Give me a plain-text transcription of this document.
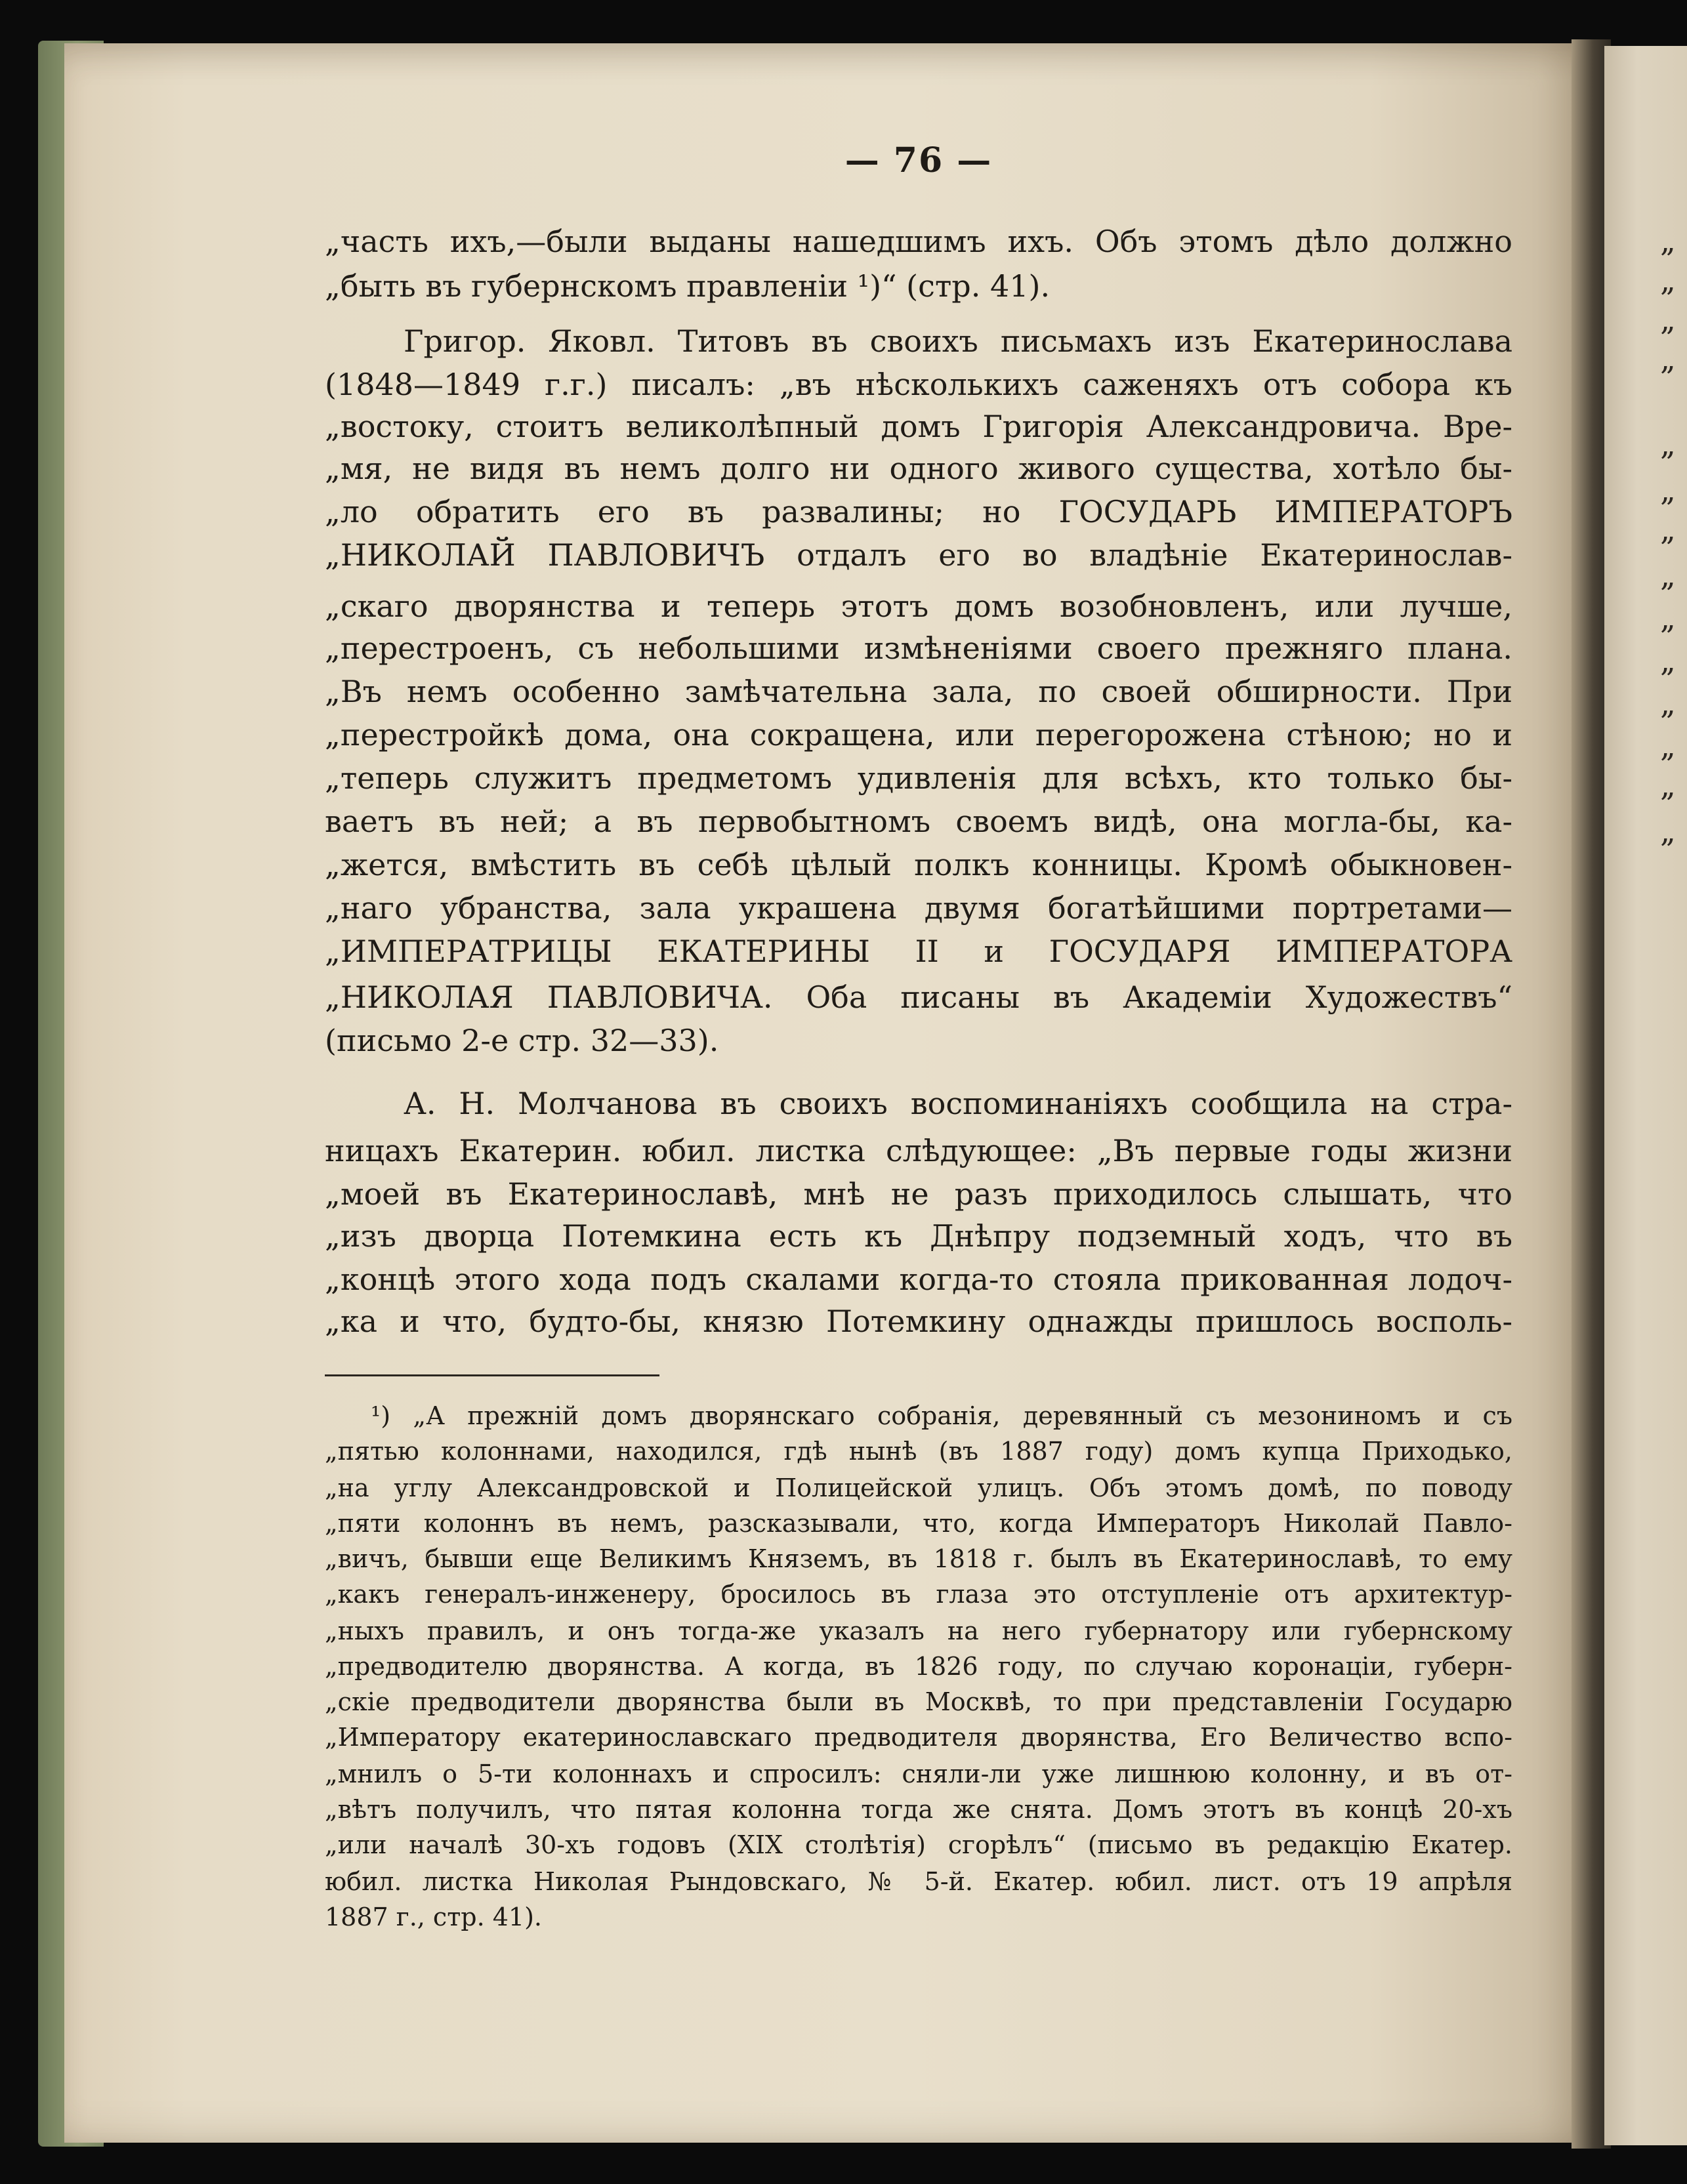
„
„
„
„
„
„
„
„
„
„
„
„
„
„
— 76 —
„часть ихъ,—были выданы нашедшимъ ихъ. Объ этомъ дѣло должно
„быть въ губернскомъ правленіи ¹)“ (стр. 41).
Григор. Яковл. Титовъ въ своихъ письмахъ изъ Екатеринослава
(1848—1849 г.г.) писалъ: „въ нѣсколькихъ саженяхъ отъ собора къ
„востоку, стоитъ великолѣпный домъ Григорія Александровича. Вре-
„мя, не видя въ немъ долго ни одного живого существа, хотѣло бы-
„ло обратить его въ развалины; но ГОСУДАРЬ ИМПЕРАТОРЪ
„НИКОЛАЙ ПАВЛОВИЧЪ отдалъ его во владѣніе Екатеринослав-
„скаго дворянства и теперь этотъ домъ возобновленъ, или лучше,
„перестроенъ, съ небольшими измѣненіями своего прежняго плана.
„Въ немъ особенно замѣчательна зала, по своей обширности. При
„перестройкѣ дома, она сокращена, или перегорожена стѣною; но и
„теперь служитъ предметомъ удивленія для всѣхъ, кто только бы-
ваетъ въ ней; а въ первобытномъ своемъ видѣ, она могла-бы, ка-
„жется, вмѣстить въ себѣ цѣлый полкъ конницы. Кромѣ обыкновен-
„наго убранства, зала украшена двумя богатѣйшими портретами—
„ИМПЕРАТРИЦЫ ЕКАТЕРИНЫ II и ГОСУДАРЯ ИМПЕРАТОРА
„НИКОЛАЯ ПАВЛОВИЧА. Оба писаны въ Академіи Художествъ“
(письмо 2-е стр. 32—33).
А. Н. Молчанова въ своихъ воспоминаніяхъ сообщила на стра-
ницахъ Екатерин. юбил. листка слѣдующее: „Въ первые годы жизни
„моей въ Екатеринославѣ, мнѣ не разъ приходилось слышать, что
„изъ дворца Потемкина есть къ Днѣпру подземный ходъ, что въ
„концѣ этого хода подъ скалами когда-то стояла прикованная лодоч-
„ка и что, будто-бы, князю Потемкину однажды пришлось восполь-
¹) „А прежній домъ дворянскаго собранія, деревянный съ мезониномъ и съ
„пятью колоннами, находился, гдѣ нынѣ (въ 1887 году) домъ купца Приходько,
„на углу Александровской и Полицейской улицъ. Объ этомъ домѣ, по поводу
„пяти колоннъ въ немъ, разсказывали, что, когда Императоръ Николай Павло-
„вичъ, бывши еще Великимъ Княземъ, въ 1818 г. былъ въ Екатеринославѣ, то ему
„какъ генералъ-инженеру, бросилось въ глаза это отступленіе отъ архитектур-
„ныхъ правилъ, и онъ тогда-же указалъ на него губернатору или губернскому
„предводителю дворянства. А когда, въ 1826 году, по случаю коронаціи, губерн-
„скіе предводители дворянства были въ Москвѣ, то при представленіи Государю
„Императору екатеринославскаго предводителя дворянства, Его Величество вспо-
„мнилъ о 5-ти колоннахъ и спросилъ: сняли-ли уже лишнюю колонну, и въ от-
„вѣтъ получилъ, что пятая колонна тогда же снята. Домъ этотъ въ концѣ 20-хъ
„или началѣ 30-хъ годовъ (XIX столѣтія) сгорѣлъ“ (письмо въ редакцію Екатер.
юбил. листка Николая Рындовскаго, № 5-й. Екатер. юбил. лист. отъ 19 апрѣля
1887 г., стр. 41).
